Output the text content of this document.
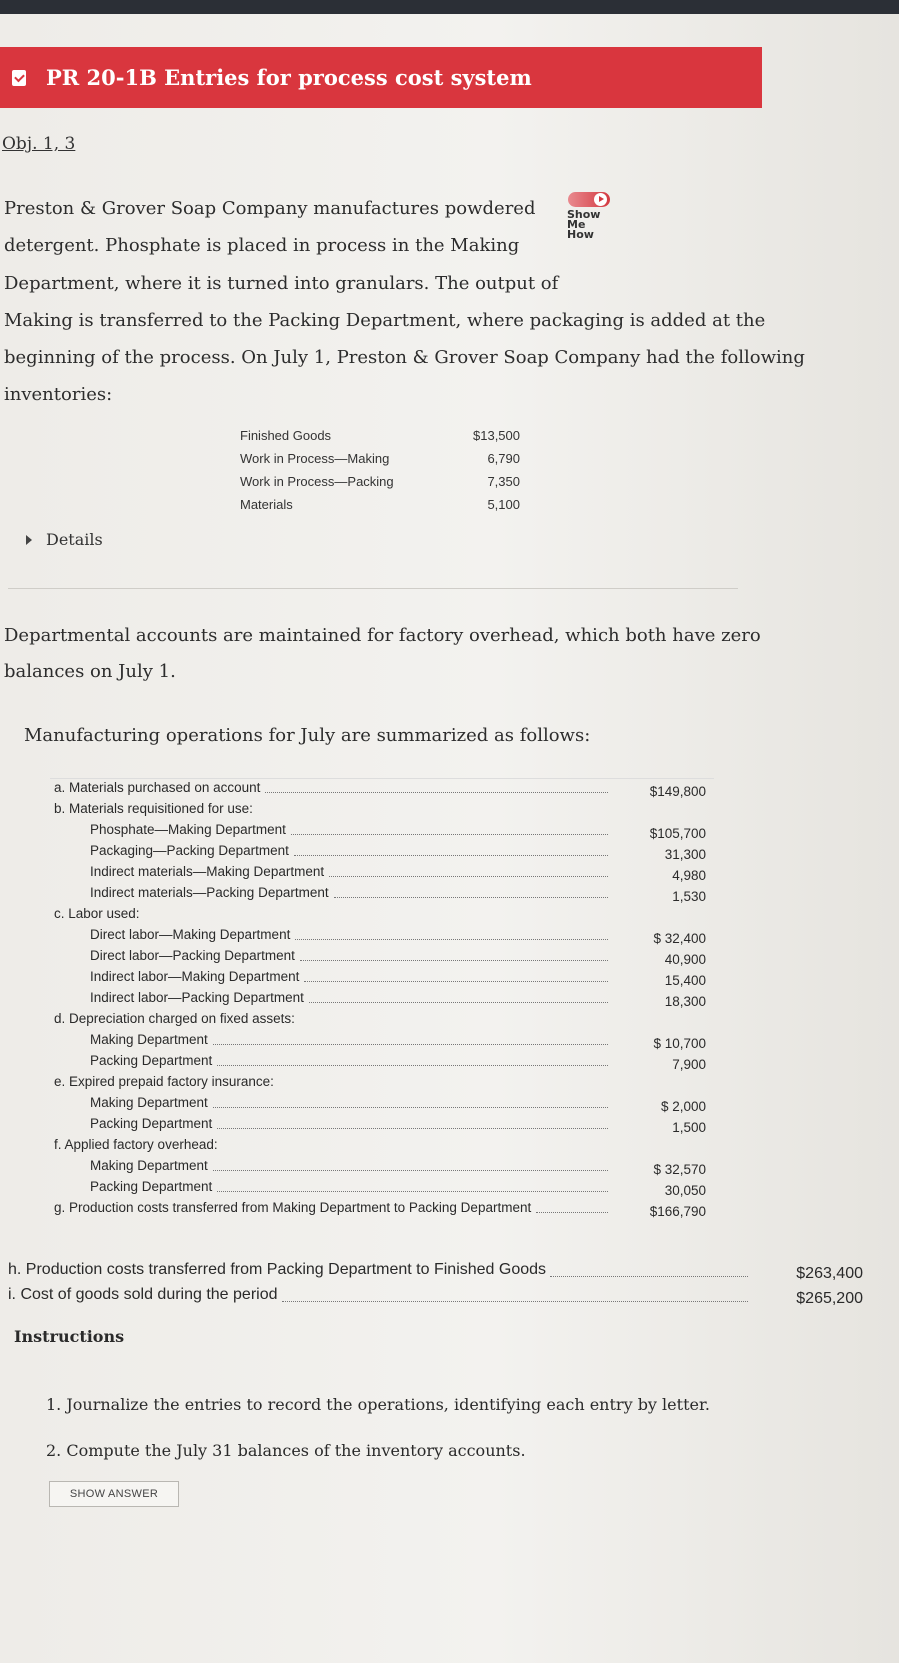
PR 20-1B Entries for process cost system
Obj. 1, 3
Preston & Grover Soap Company manufactures powdered
detergent. Phosphate is placed in process in the Making
Department, where it is turned into granulars. The output of
Making is transferred to the Packing Department, where packaging is added at the
beginning of the process. On July 1, Preston & Grover Soap Company had the following
inventories:
Show
Me
How
Finished Goods	$13,500
Work in Process—Making	6,790
Work in Process—Packing	7,350
Materials	5,100
Details
Departmental accounts are maintained for factory overhead, which both have zero
balances on July 1.
Manufacturing operations for July are summarized as follows:
a. Materials purchased on account	$149,800
b. Materials requisitioned for use:
Phosphate—Making Department	$105,700
Packaging—Packing Department	31,300
Indirect materials—Making Department	4,980
Indirect materials—Packing Department	1,530
c. Labor used:
Direct labor—Making Department	$ 32,400
Direct labor—Packing Department	40,900
Indirect labor—Making Department	15,400
Indirect labor—Packing Department	18,300
d. Depreciation charged on fixed assets:
Making Department	$ 10,700
Packing Department	7,900
e. Expired prepaid factory insurance:
Making Department	$ 2,000
Packing Department	1,500
f. Applied factory overhead:
Making Department	$ 32,570
Packing Department	30,050
g. Production costs transferred from Making Department to Packing Department	$166,790
h. Production costs transferred from Packing Department to Finished Goods	$263,400
i. Cost of goods sold during the period	$265,200
Instructions
1. Journalize the entries to record the operations, identifying each entry by letter.
2. Compute the July 31 balances of the inventory accounts.
SHOW ANSWER
